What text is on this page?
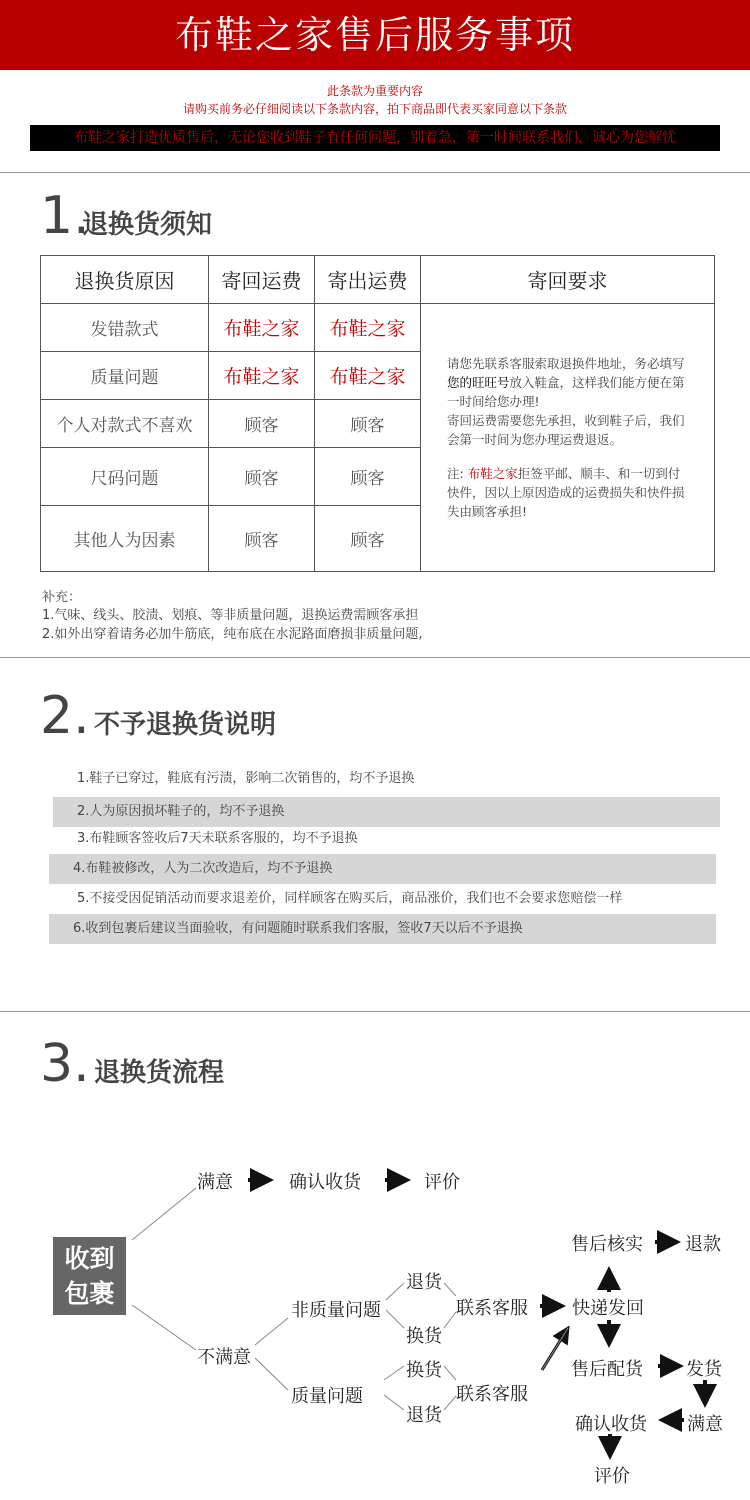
布鞋之家售后服务事项
此条款为重要内容
请购买前务必仔细阅读以下条款内容，拍下商品即代表买家同意以下条款
布鞋之家打造优质售后，无论您收到鞋子有任何问题，别着急，第一时间联系我们，诚心为您解忧
1.
退换货须知
退换货原因	寄回运费	寄出运费	寄回要求
发错款式	布鞋之家	布鞋之家	请您先联系客服索取退换件地址，务必填写您的旺旺号放入鞋盒，这样我们能方便在第一时间给您办理!

寄回运费需要您先承担，收到鞋子后，我们会第一时间为您办理运费退返。

注: 布鞋之家拒签平邮、顺丰、和一切到付快件，因以上原因造成的运费损失和快件损失由顾客承担!

质量问题	布鞋之家	布鞋之家	
个人对款式不喜欢	顾客	顾客	
尺码问题	顾客	顾客	
其他人为因素	顾客	顾客	
补充：
1.气味、线头、胶渍、划痕、等非质量问题，退换运费需顾客承担
2.如外出穿着请务必加牛筋底，纯布底在水泥路面磨损非质量问题,
2. 不予退换货说明
1.鞋子已穿过，鞋底有污渍，影响二次销售的，均不予退换
2.人为原因损坏鞋子的，均不予退换
3.布鞋顾客签收后7天未联系客服的，均不予退换
4.布鞋被修改，人为二次改造后，均不予退换
5.不接受因促销活动而要求退差价，同样顾客在购买后，商品涨价，我们也不会要求您赔偿一样
6.收到包裹后建议当面验收，有问题随时联系我们客服，签收7天以后不予退换
3. 退换货流程
收到
包裹
满意	确认收货	评价
不满意
非质量问题
质量问题
退货
换货
换货
退货
联系客服
联系客服
快递发回
售后核实 退款
售后配货 发货
满意
确认收货
评价
